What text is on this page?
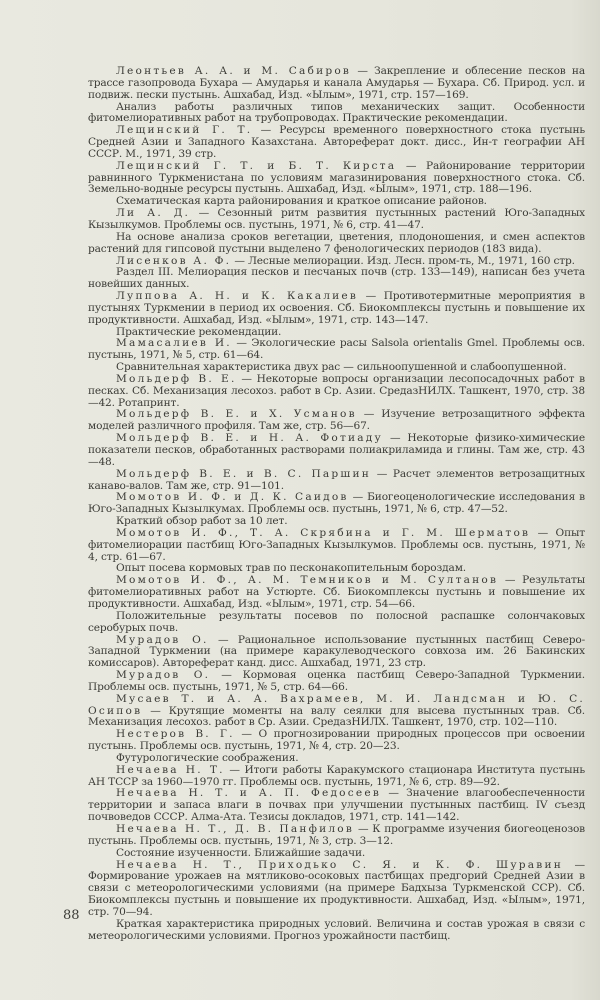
Леонтьев А. А. и М. Сабиров — Закрепление и облесение песков на трассе газопровода Бухара — Амударья и канала Амударья — Бухара. Сб. Природ. усл. и подвиж. пески пустынь. Ашхабад, Изд. «Ылым», 1971, стр. 157—169.

Анализ работы различных типов механических защит. Особенности фитомелиоративных работ на трубопроводах. Практические рекомендации.

Лещинский Г. Т. — Ресурсы временного поверхностного стока пустынь Средней Азии и Западного Казахстана. Автореферат докт. дисс., Ин-т географии АН СССР. М., 1971, 39 стр.

Лещинский Г. Т. и Б. Т. Кирста — Районирование территории равнинного Туркменистана по условиям магазинирования поверхностного стока. Сб. Земельно-водные ресурсы пустынь. Ашхабад, Изд. «Ылым», 1971, стр. 188—196.

Схематическая карта районирования и краткое описание районов.

Ли А. Д. — Сезонный ритм развития пустынных растений Юго-Западных Кызылкумов. Проблемы осв. пустынь, 1971, № 6, стр. 41—47.

На основе анализа сроков вегетации, цветения, плодоношения, и смен аспектов растений для гипсовой пустыни выделено 7 фенологических периодов (183 вида).

Лисенков А. Ф. — Лесные мелиорации. Изд. Лесн. пром-ть, М., 1971, 160 стр.

Раздел III. Мелиорация песков и песчаных почв (стр. 133—149), написан без учета новейших данных.

Луппова А. Н. и К. Какалиев — Противотермитные мероприятия в пустынях Туркмении в период их освоения. Сб. Биокомплексы пустынь и повышение их продуктивности. Ашхабад, Изд. «Ылым», 1971, стр. 143—147.

Практические рекомендации.

Мамасалиев И. — Экологические расы Salsola orientalis Gmel. Проблемы осв. пустынь, 1971, № 5, стр. 61—64.

Сравнительная характеристика двух рас — сильноопушенной и слабоопушенной.

Мольдерф В. Е. — Некоторые вопросы организации лесопосадочных работ в песках. Сб. Механизация лесохоз. работ в Ср. Азии. СредазНИЛХ. Ташкент, 1970, стр. 38—42. Ротапринт.

Мольдерф В. Е. и Х. Усманов — Изучение ветрозащитного эффекта моделей различного профиля. Там же, стр. 56—67.

Мольдерф В. Е. и Н. А. Фотиаду — Некоторые физико-химические показатели песков, обработанных растворами полиакриламида и глины. Там же, стр. 43—48.

Мольдерф В. Е. и В. С. Паршин — Расчет элементов ветрозащитных канаво-валов. Там же, стр. 91—101.

Момотов И. Ф. и Д. К. Саидов — Биогеоценологические исследования в Юго-Западных Кызылкумах. Проблемы осв. пустынь, 1971, № 6, стр. 47—52.

Краткий обзор работ за 10 лет.

Момотов И. Ф., Т. А. Скрябина и Г. М. Шерматов — Опыт фитомелиорации пастбищ Юго-Западных Кызылкумов. Проблемы осв. пустынь, 1971, № 4, стр. 61—67.

Опыт посева кормовых трав по песконакопительным бороздам.

Момотов И. Ф., А. М. Темников и М. Султанов — Результаты фитомелиоративных работ на Устюрте. Сб. Биокомплексы пустынь и повышение их продуктивности. Ашхабад, Изд. «Ылым», 1971, стр. 54—66.

Положительные результаты посевов по полосной распашке солончаковых серобурых почв.

Мурадов О. — Рациональное использование пустынных пастбищ Северо-Западной Туркмении (на примере каракулеводческого совхоза им. 26 Бакинских комиссаров). Автореферат канд. дисс. Ашхабад, 1971, 23 стр.

Мурадов О. — Кормовая оценка пастбищ Северо-Западной Туркмении. Проблемы осв. пустынь, 1971, № 5, стр. 64—66.

Мусаев Т. и А. А. Вахрамеев, М. И. Ландсман и Ю. С. Осипов — Крутящие моменты на валу сеялки для высева пустынных трав. Сб. Механизация лесохоз. работ в Ср. Азии. СредазНИЛХ. Ташкент, 1970, стр. 102—110.

Нестеров В. Г. — О прогнозировании природных процессов при освоении пустынь. Проблемы осв. пустынь, 1971, № 4, стр. 20—23.

Футурологические соображения.

Нечаева Н. Т. — Итоги работы Каракумского стационара Института пустынь АН ТССР за 1960—1970 гг. Проблемы осв. пустынь, 1971, № 6, стр. 89—92.

Нечаева Н. Т. и А. П. Федосеев — Значение влагообеспеченности территории и запаса влаги в почвах при улучшении пустынных пастбищ. IV съезд почвоведов СССР. Алма-Ата. Тезисы докладов, 1971, стр. 141—142.

Нечаева Н. Т., Д. В. Панфилов — К программе изучения биогеоценозов пустынь. Проблемы осв. пустынь, 1971, № 3, стр. 3—12.

Состояние изученности. Ближайшие задачи.

Нечаева Н. Т., Приходько С. Я. и К. Ф. Шуравин — Формирование урожаев на мятликово-осоковых пастбищах предгорий Средней Азии в связи с метеорологическими условиями (на примере Бадхыза Туркменской ССР). Сб. Биокомплексы пустынь и повышение их продуктивности. Ашхабад, Изд. «Ылым», 1971, стр. 70—94.

Краткая характеристика природных условий. Величина и состав урожая в связи с метеорологическими условиями. Прогноз урожайности пастбищ.

88
